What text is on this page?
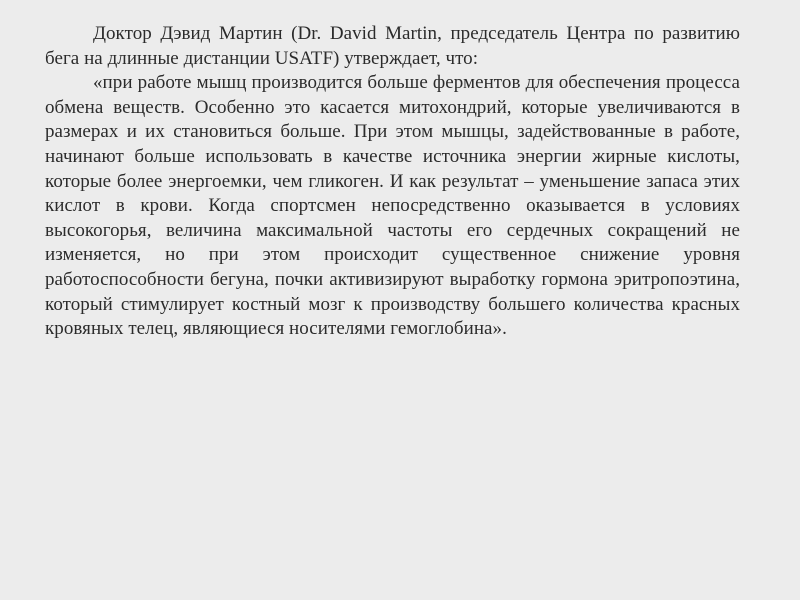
Доктор Дэвид Мартин (Dr. David Martin, председатель Центра по развитию бега на длинные дистанции USATF) утверждает, что:

«при работе мышц производится больше ферментов для обеспечения процесса обмена веществ. Особенно это касается митохондрий, которые увеличиваются в размерах и их становиться больше. При этом мышцы, задействованные в работе, начинают больше использовать в качестве источника энергии жирные кислоты, которые более энергоемки, чем гликоген. И как результат – уменьшение запаса этих кислот в крови. Когда спортсмен непосредственно оказывается в условиях высокогорья, величина максимальной частоты его сердечных сокращений не изменяется, но при этом происходит существенное снижение уровня работоспособности бегуна, почки активизируют выработку гормона эритропоэтина, который стимулирует костный мозг к производству большего количества красных кровяных телец, являющиеся носителями гемоглобина».
